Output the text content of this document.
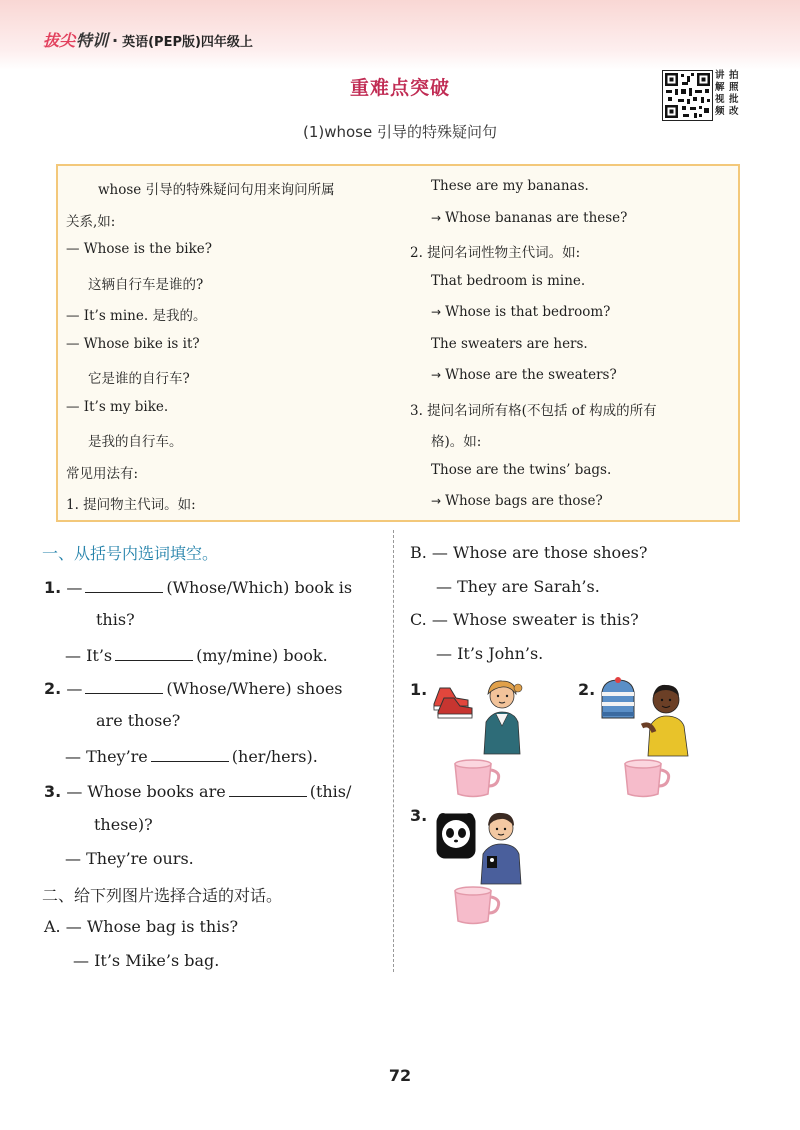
拔尖特训 · 英语(PEP版)四年级上
重难点突破
(1)whose 引导的特殊疑问句
讲
解
视
频
拍
照
批
改
whose 引导的特殊疑问句用来询问所属
关系,如:
— Whose is the bike?
这辆自行车是谁的?
— It’s mine. 是我的。
— Whose bike is it?
它是谁的自行车?
— It’s my bike.
是我的自行车。
常见用法有:
1. 提问物主代词。如:
These are my bananas.
→ Whose bananas are these?
2. 提问名词性物主代词。如:
That bedroom is mine.
→ Whose is that bedroom?
The sweaters are hers.
→ Whose are the sweaters?
3. 提问名词所有格(不包括 of 构成的所有
格)。如:
Those are the twins’ bags.
→ Whose bags are those?
一、从括号内选词填空。
1. —	(Whose/Which) book is
this?
— It’s	(my/mine) book.
2. —	(Whose/Where) shoes
are those?
— They’re	(her/hers).
3. — Whose books are	(this/
these)?
— They’re ours.
二、给下列图片选择合适的对话。
A. — Whose bag is this?
— It’s Mike’s bag.
B. — Whose are those shoes?
— They are Sarah’s.
C. — Whose sweater is this?
— It’s John’s.
1.	2.
3.
72
